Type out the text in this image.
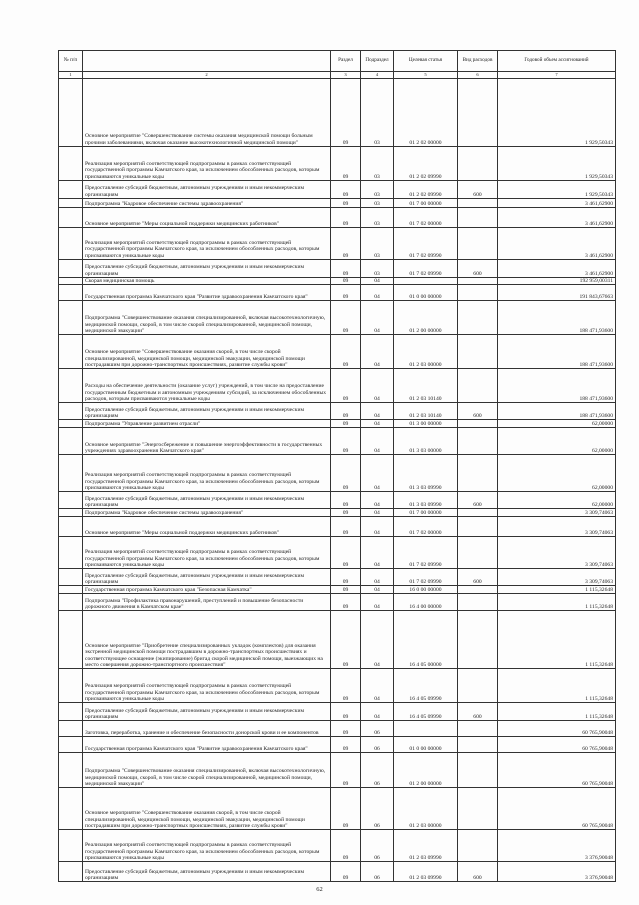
№ п/п		Раздел	Подраздел	Целевая статья	Вид расходов	Годовой объем ассигнований
1	2	3	4	5	6	7
	Основное мероприятие "Совершенствование системы оказания медицинской помощи больным прочими заболеваниями, включая оказание высокотехнологичной медицинской помощи"	09	03	01 2 02 00000		1 929,50343
	Реализация мероприятий соответствующей подпрограммы в рамках соответствующей государственной программы Камчатского края, за исключением обособленных расходов, которым присваиваются уникальные коды	09	03	01 2 02 09990		1 929,50343
	Предоставление субсидий бюджетным, автономным учреждениям и иным некоммерческим организациям	09	03	01 2 02 09990	600	1 929,50343
	Подпрограмма "Кадровое обеспечение системы здравоохранения"	09	03	01 7 00 00000		3 461,62900
	Основное мероприятие "Меры социальной поддержки медицинских работников"	09	03	01 7 02 00000		3 461,62900
	Реализация мероприятий соответствующей подпрограммы в рамках соответствующей государственной программы Камчатского края, за исключением обособленных расходов, которым присваиваются уникальные коды	09	03	01 7 02 09990		3 461,62900
	Предоставление субсидий бюджетным, автономным учреждениям и иным некоммерческим организациям	09	03	01 7 02 09990	600	3 461,62900
	Скорая медицинская помощь	09	04			192 959,00311
	Государственная программа Камчатского края "Развитие здравоохранения Камчатского края"	09	04	01 0 00 00000		191 843,67663
	Подпрограмма "Совершенствование оказания специализированной, включая высокотехнологичную, медицинской помощи, скорой, в том числе скорой специализированной, медицинской помощи, медицинской эвакуации"	09	04	01 2 00 00000		188 471,93600
	Основное мероприятие "Совершенствование оказания скорой, в том числе скорой специализированной, медицинской помощи, медицинской эвакуации, медицинской помощи пострадавшим при дорожно-транспортных происшествиях, развитие службы крови"	09	04	01 2 03 00000		188 471,93600
	Расходы на обеспечение деятельности (оказание услуг) учреждений, в том числе на предоставление государственным бюджетным и автономным учреждениям субсидий, за исключением обособленных расходов, которым присваиваются уникальные коды	09	04	01 2 03 10140		188 471,93600
	Предоставление субсидий бюджетным, автономным учреждениям и иным некоммерческим организациям	09	04	01 2 03 10140	600	188 471,93600
	Подпрограмма "Управление развитием отрасли"	09	04	01 3 00 00000		62,00000
	Основное мероприятие "Энергосбережение и повышение энергоэффективности в государственных учреждениях здравоохранения Камчатского края"	09	04	01 3 03 00000		62,00000
	Реализация мероприятий соответствующей подпрограммы в рамках соответствующей государственной программы Камчатского края, за исключением обособленных расходов, которым присваиваются уникальные коды	09	04	01 3 03 09990		62,00000
	Предоставление субсидий бюджетным, автономным учреждениям и иным некоммерческим организациям	09	04	01 3 03 09990	600	62,00000
	Подпрограмма "Кадровое обеспечение системы здравоохранения"	09	04	01 7 00 00000		3 309,74063
	Основное мероприятие "Меры социальной поддержки медицинских работников"	09	04	01 7 02 00000		3 309,74063
	Реализация мероприятий соответствующей подпрограммы в рамках соответствующей государственной программы Камчатского края, за исключением обособленных расходов, которым присваиваются уникальные коды	09	04	01 7 02 09990		3 309,74063
	Предоставление субсидий бюджетным, автономным учреждениям и иным некоммерческим организациям	09	04	01 7 02 09990	600	3 309,74063
	Государственная программа Камчатского края "Безопасная Камчатка"	09	04	16 0 00 00000		1 115,32648
	Подпрограмма "Профилактика правонарушений, преступлений и повышение безопасности дорожного движения в Камчатском крае"	09	04	16 4 00 00000		1 115,32648
	Основное мероприятие "Приобретение специализированных укладок (комплектов) для оказания экстренной медицинской помощи пострадавшим в дорожно-транспортных происшествиях и соответствующее оснащение (экипирование) бригад скорой медицинской помощи, выезжающих на место совершения дорожно-транспортного происшествия"	09	04	16 4 05 00000		1 115,32648
	Реализация мероприятий соответствующей подпрограммы в рамках соответствующей государственной программы Камчатского края, за исключением обособленных расходов, которым присваиваются уникальные коды	09	04	16 4 05 09990		1 115,32648
	Предоставление субсидий бюджетным, автономным учреждениям и иным некоммерческим организациям	09	04	16 4 05 09990	600	1 115,32648
	Заготовка, переработка, хранение и обеспечение безопасности донорской крови и ее компонентов	09	06			60 765,90048
	Государственная программа Камчатского края "Развитие здравоохранения Камчатского края"	09	06	01 0 00 00000		60 765,90048
	Подпрограмма "Совершенствование оказания специализированной, включая высокотехнологичную, медицинской помощи, скорой, в том числе скорой специализированной, медицинской помощи, медицинской эвакуации"	09	06	01 2 00 00000		60 765,90048
	Основное мероприятие "Совершенствование оказания скорой, в том числе скорой специализированной, медицинской помощи, медицинской эвакуации, медицинской помощи пострадавшим при дорожно-транспортных происшествиях, развитие службы крови"	09	06	01 2 03 00000		60 765,90048
	Реализация мероприятий соответствующей подпрограммы в рамках соответствующей государственной программы Камчатского края, за исключением обособленных расходов, которым присваиваются уникальные коды	09	06	01 2 03 09990		3 376,90048
	Предоставление субсидий бюджетным, автономным учреждениям и иным некоммерческим организациям	09	06	01 2 03 09990	600	3 376,90048
62
